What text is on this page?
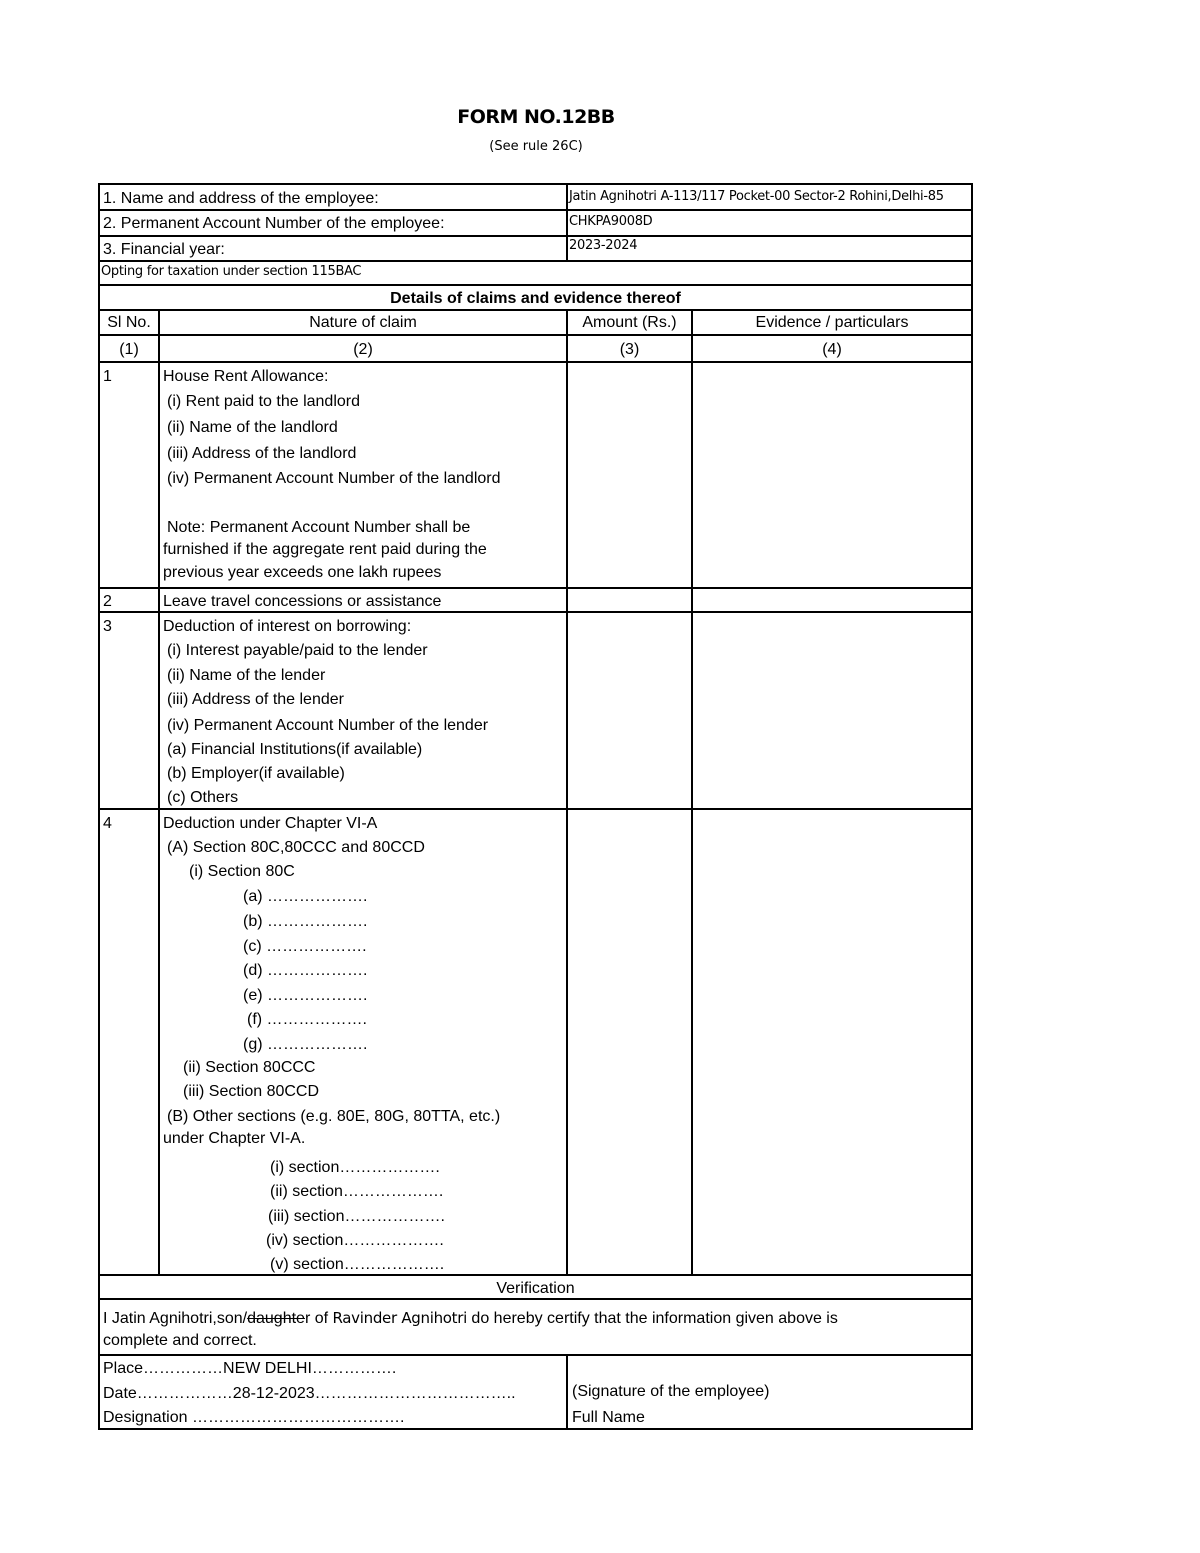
FORM NO.12BB
(See rule 26C)
1. Name and address of the employee:	Jatin Agnihotri A-113/117 Pocket-00 Sector-2 Rohini,Delhi-85
2. Permanent Account Number of the employee:	CHKPA9008D
3. Financial year:	2023-2024
Opting for taxation under section 115BAC
Details of claims and evidence thereof
Sl No.	Nature of claim	Amount (Rs.)	Evidence / particulars
(1)	(2)	(3)	(4)
1	House Rent Allowance:
(i) Rent paid to the landlord
(ii) Name of the landlord
(iii) Address of the landlord
(iv) Permanent Account Number of the landlord
Note: Permanent Account Number shall be
furnished if the aggregate rent paid during the
previous year exceeds one lakh rupees
2	Leave travel concessions or assistance
3	Deduction of interest on borrowing:
(i) Interest payable/paid to the lender
(ii) Name of the lender
(iii) Address of the lender
(iv) Permanent Account Number of the lender
(a) Financial Institutions(if available)
(b) Employer(if available)
(c) Others
4	Deduction under Chapter VI-A
(A) Section 80C,80CCC and 80CCD
(i) Section 80C
(a) ……………….
(b) ……………….
(c) ……………….
(d) ……………….
(e) ……………….
(f) ……………….
(g) ……………….
(ii) Section 80CCC
(iii) Section 80CCD
(B) Other sections (e.g. 80E, 80G, 80TTA, etc.)
under Chapter VI-A.
(i) section……………….
(ii) section……………….
(iii) section……………….
(iv) section……………….
(v) section……………….
Verification
I Jatin Agnihotri,son/daughter of Ravinder Agnihotri do hereby certify that the information given above is
complete and correct.
Place……………NEW DELHI…………….
Date………………28-12-2023………………………………..
Designation ………………………………….
(Signature of the employee)
Full Name
